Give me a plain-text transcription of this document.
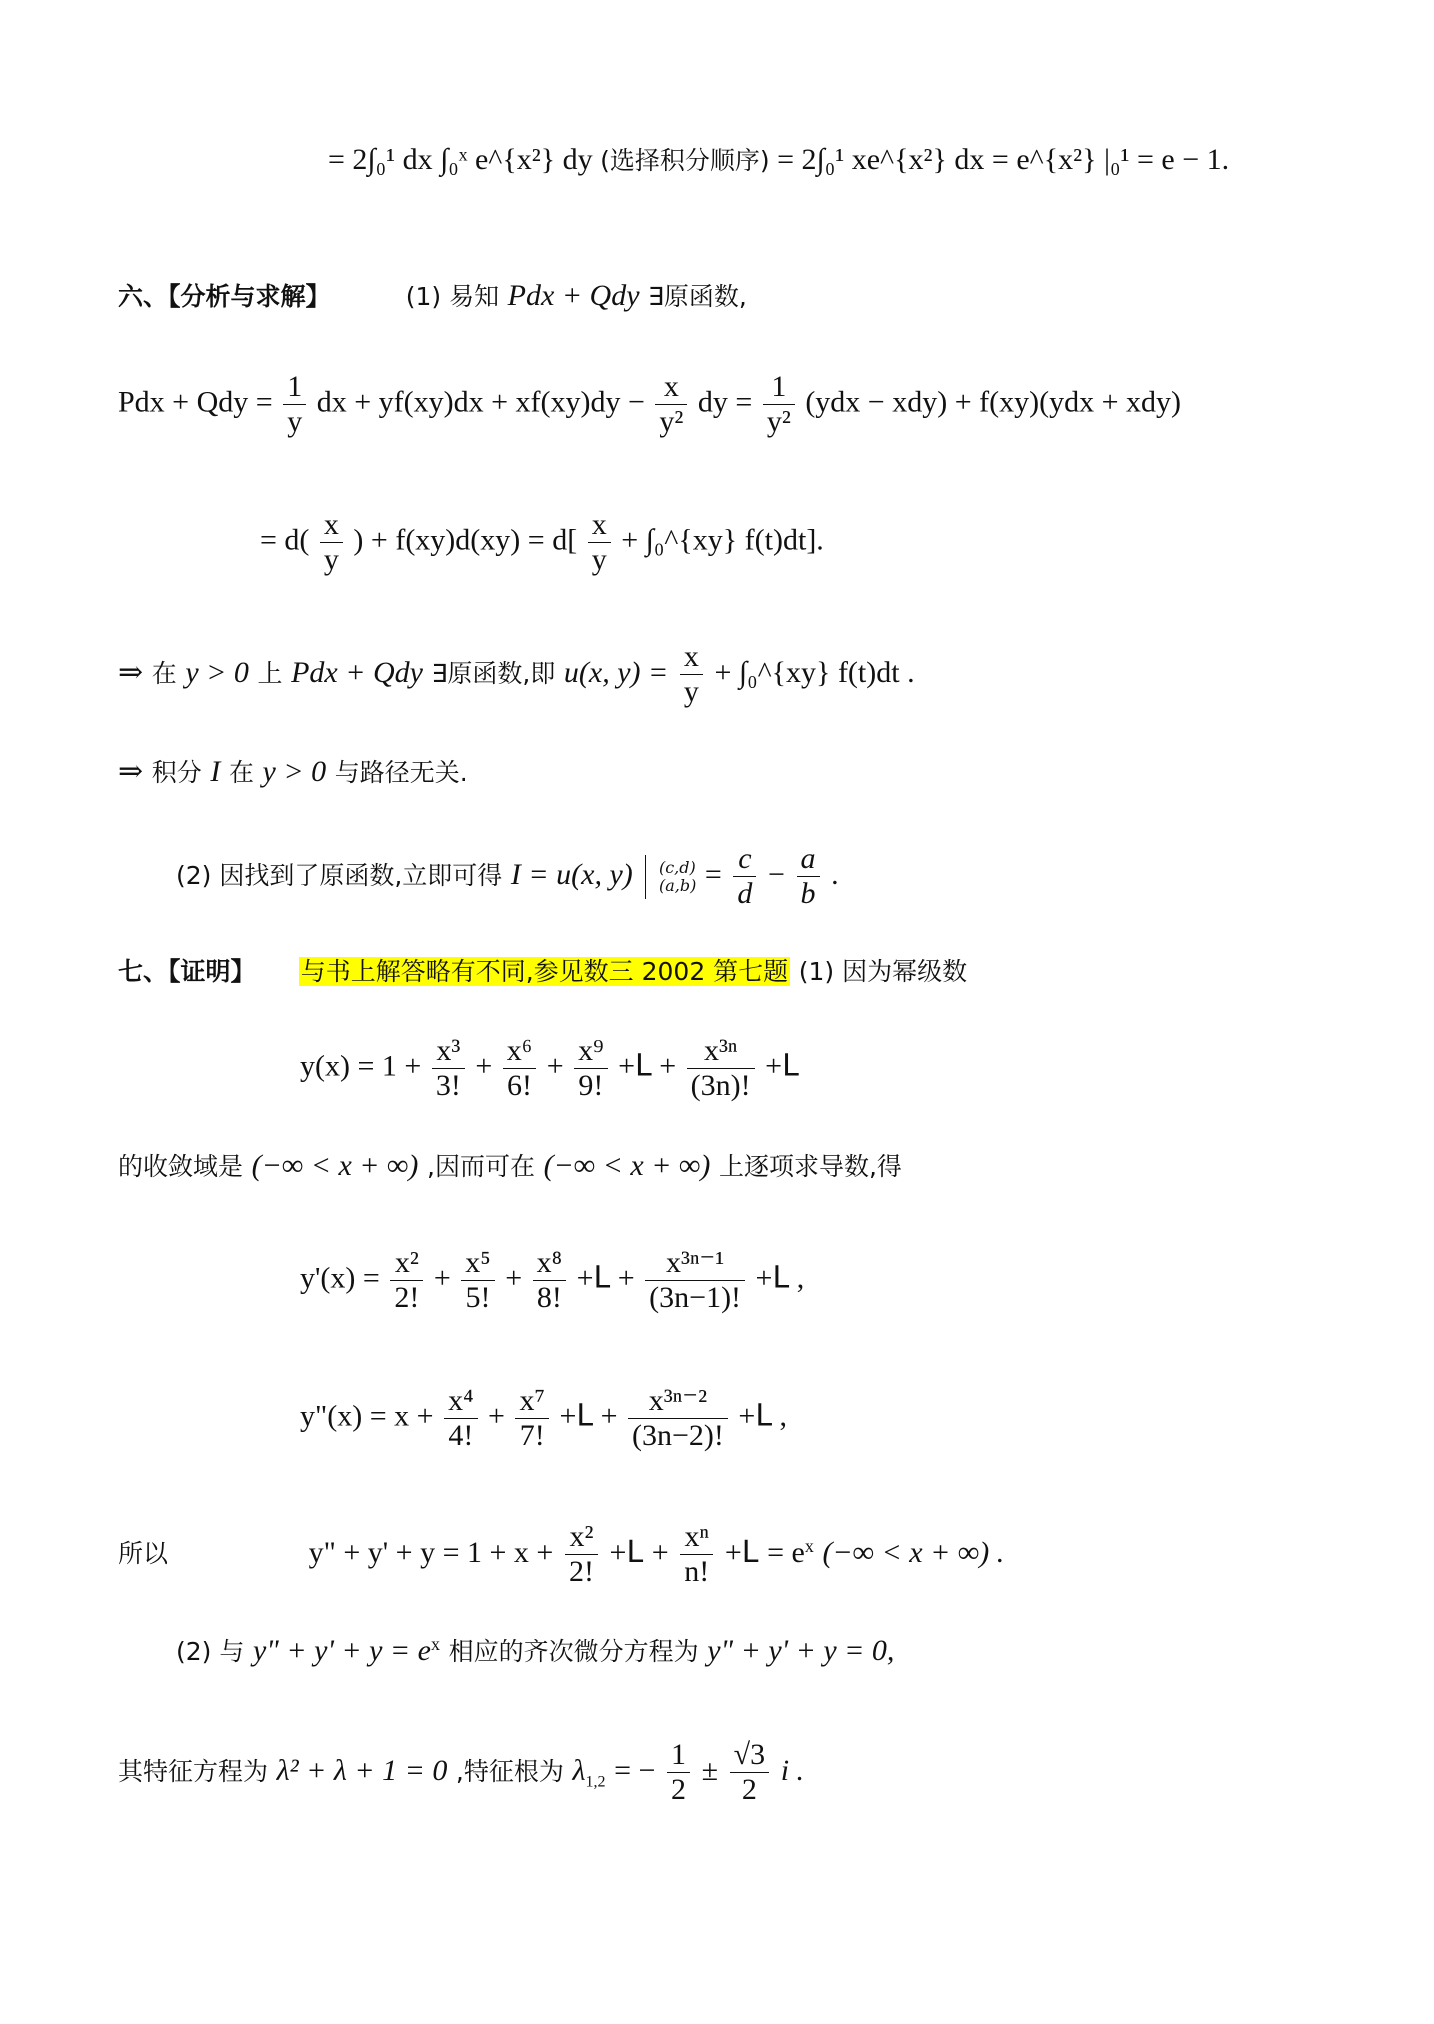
= 2∫₀¹ dx ∫₀ˣ e^{x²} dy (选择积分顺序) = 2∫₀¹ xe^{x²} dx = e^{x²} |₀¹ = e − 1.
六、【分析与求解】	(1) 易知 Pdx + Qdy ∃原函数,
Pdx + Qdy = $\frac{1}{y}$ dx + $yf(xy)dx + xf(xy)dy - \frac{x}{\text{y²}}$ dy = $\frac{1}{\text{y²}} (ydx - xdy) + f(xy)(ydx + xdy)$
= $d( \frac{x}{y}$ ) + $f(xy)d(xy) = d[ \frac{x}{y}$ + ∫₀^{xy} f(t)dt].
⇒ 在 y > 0 上 Pdx + Qdy ∃原函数,即 u(x, $y) = \frac{x}{y}$ + ∫₀^{xy} f(t)dt .
⇒ 积分 I 在 y > 0 与路径无关.
(2) 因找到了原函数,立即可得 I = u(x, y) (c,d)
$(a,b) = \frac{c}{d} - \frac{a}{b}$ .
七、【证明】 与书上解答略有不同,参见数三 2002 第七题 (1) 因为幂级数
$y(x) = 1 + \frac{\text{x³}}{3!} + \frac{\text{x⁶}}{6!} + \frac{\text{x⁹}}{9!} +L + \frac{\text{x³ⁿ}}{(3n)!} +L$
的收敛域是 (−∞ < x + ∞) ,因而可在 (−∞ < x + ∞) 上逐项求导数,得
$y'(x) = \frac{\text{x²}}{2!} + \frac{\text{x⁵}}{5!} + \frac{\text{x⁸}}{8!} +L + \frac{\text{x³ⁿ⁻¹}}{(3n-1)!} +L$ ,
y"(x) = $x + \frac{\text{x⁴}}{4!} + \frac{\text{x⁷}}{7!} +L + \frac{\text{x³ⁿ⁻²}}{(3n-2)!} +L$ ,
所以	y" + $y' + y = 1 + x + \frac{\text{x²}}{2!} +L + \frac{\text{xⁿ}}{n!} +L = e^x$ (−∞ < x + ∞) .
(2) 与 y" + $y' + y = e^x$ 相应的齐次微分方程为 y" + y' + y = 0,
其特征方程为 λ² + λ + 1 = 0 ,特征根为 $\lambda_{1,2}$ = − $\frac{1}{2} \pm \frac{√3}{2}$ i .
